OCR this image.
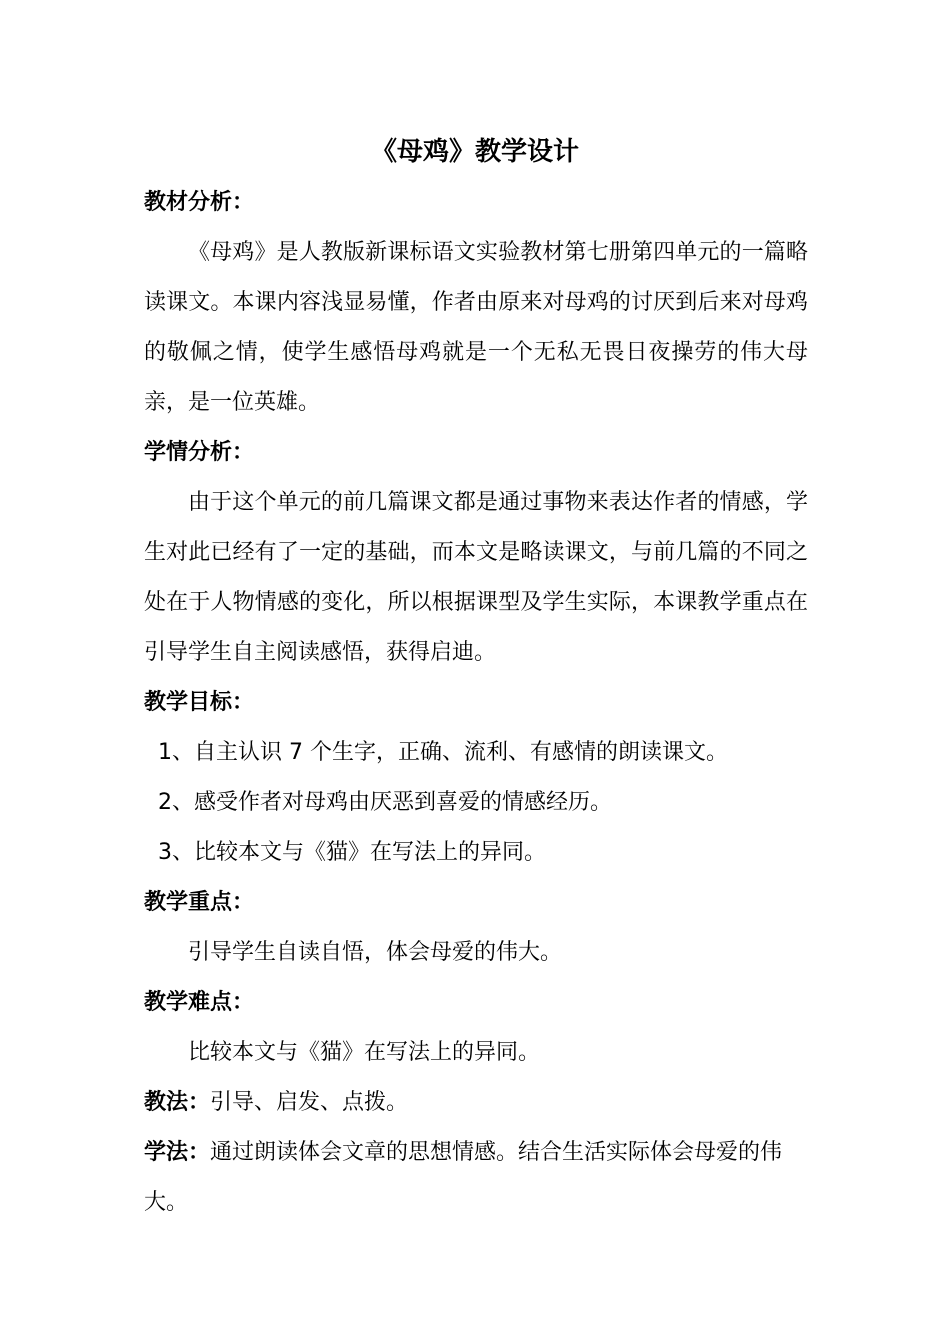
《母鸡》教学设计
教材分析：
《母鸡》是人教版新课标语文实验教材第七册第四单元的一篇略读课文。本课内容浅显易懂，作者由原来对母鸡的讨厌到后来对母鸡的敬佩之情，使学生感悟母鸡就是一个无私无畏日夜操劳的伟大母亲，是一位英雄。
学情分析：
由于这个单元的前几篇课文都是通过事物来表达作者的情感，学生对此已经有了一定的基础，而本文是略读课文，与前几篇的不同之处在于人物情感的变化，所以根据课型及学生实际，本课教学重点在引导学生自主阅读感悟，获得启迪。
教学目标：
1、自主认识 7 个生字，正确、流利、有感情的朗读课文。
2、感受作者对母鸡由厌恶到喜爱的情感经历。
3、比较本文与《猫》在写法上的异同。
教学重点：
引导学生自读自悟，体会母爱的伟大。
教学难点：
比较本文与《猫》在写法上的异同。
教法：引导、启发、点拨。
学法：通过朗读体会文章的思想情感。结合生活实际体会母爱的伟大。
